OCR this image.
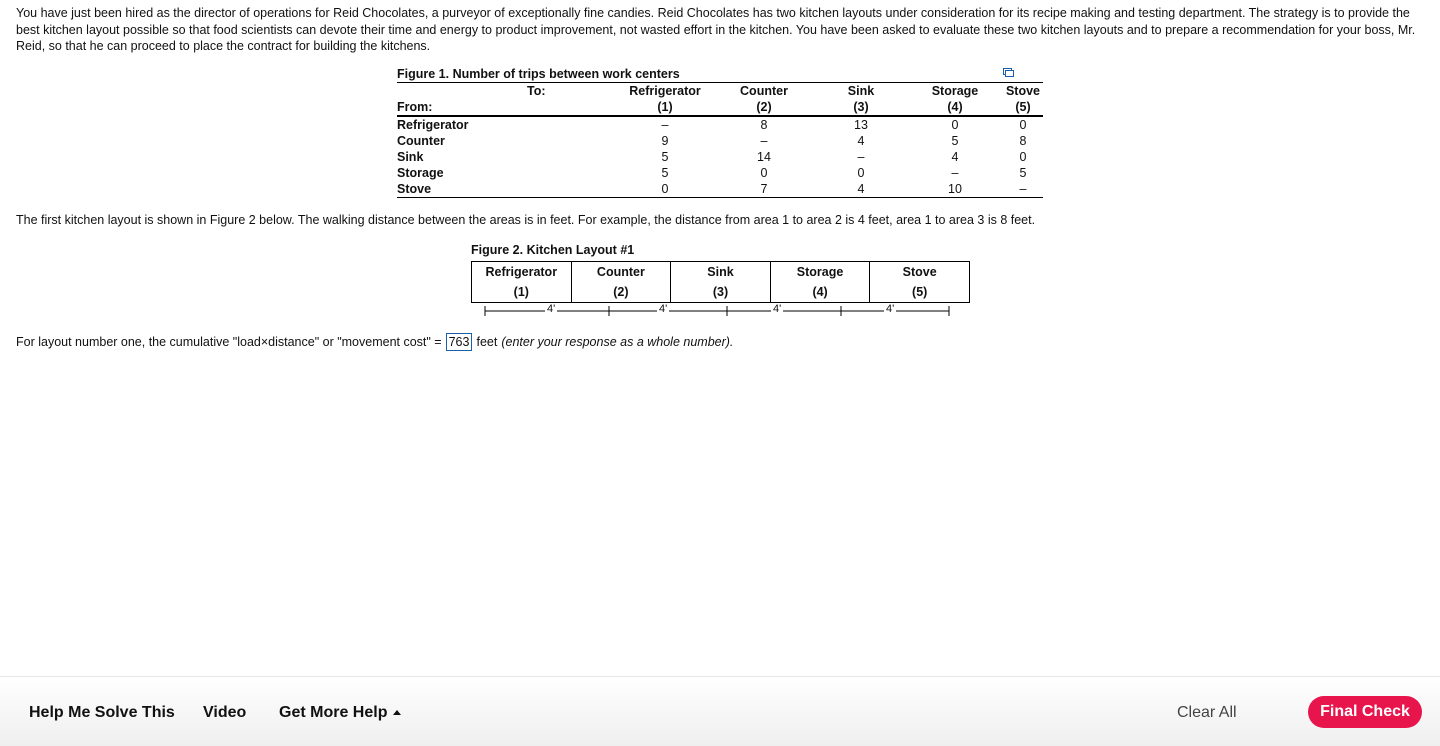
You have just been hired as the director of operations for Reid Chocolates, a purveyor of exceptionally fine candies. Reid Chocolates has two kitchen layouts under consideration for its recipe making and testing department. The strategy is to provide the best kitchen layout possible so that food scientists can devote their time and energy to product improvement, not wasted effort in the kitchen. You have been asked to evaluate these two kitchen layouts and to prepare a recommendation for your boss, Mr. Reid, so that he can proceed to place the contract for building the kitchens.
Figure 1. Number of trips between work centers
	To:	Refrigerator	Counter	Sink	Storage	Stove
From:		(1)	(2)	(3)	(4)	(5)
Refrigerator		–	8	13	0	0
Counter		9	–	4	5	8
Sink		5	14	–	4	0
Storage		5	0	0	–	5
Stove		0	7	4	10	–
The first kitchen layout is shown in Figure 2 below. The walking distance between the areas is in feet. For example, the distance from area 1 to area 2 is 4 feet, area 1 to area 3 is 8 feet.
Figure 2. Kitchen Layout #1
Refrigerator
(1)
Counter
(2)
Sink
(3)
Storage
(4)
Stove
(5)
4'	4'	4'	4'
For layout number one, the cumulative "load×distance" or "movement cost" = 763 feet (enter your response as a whole number).
Help Me Solve This Video Get More Help	Clear All	Final Check
